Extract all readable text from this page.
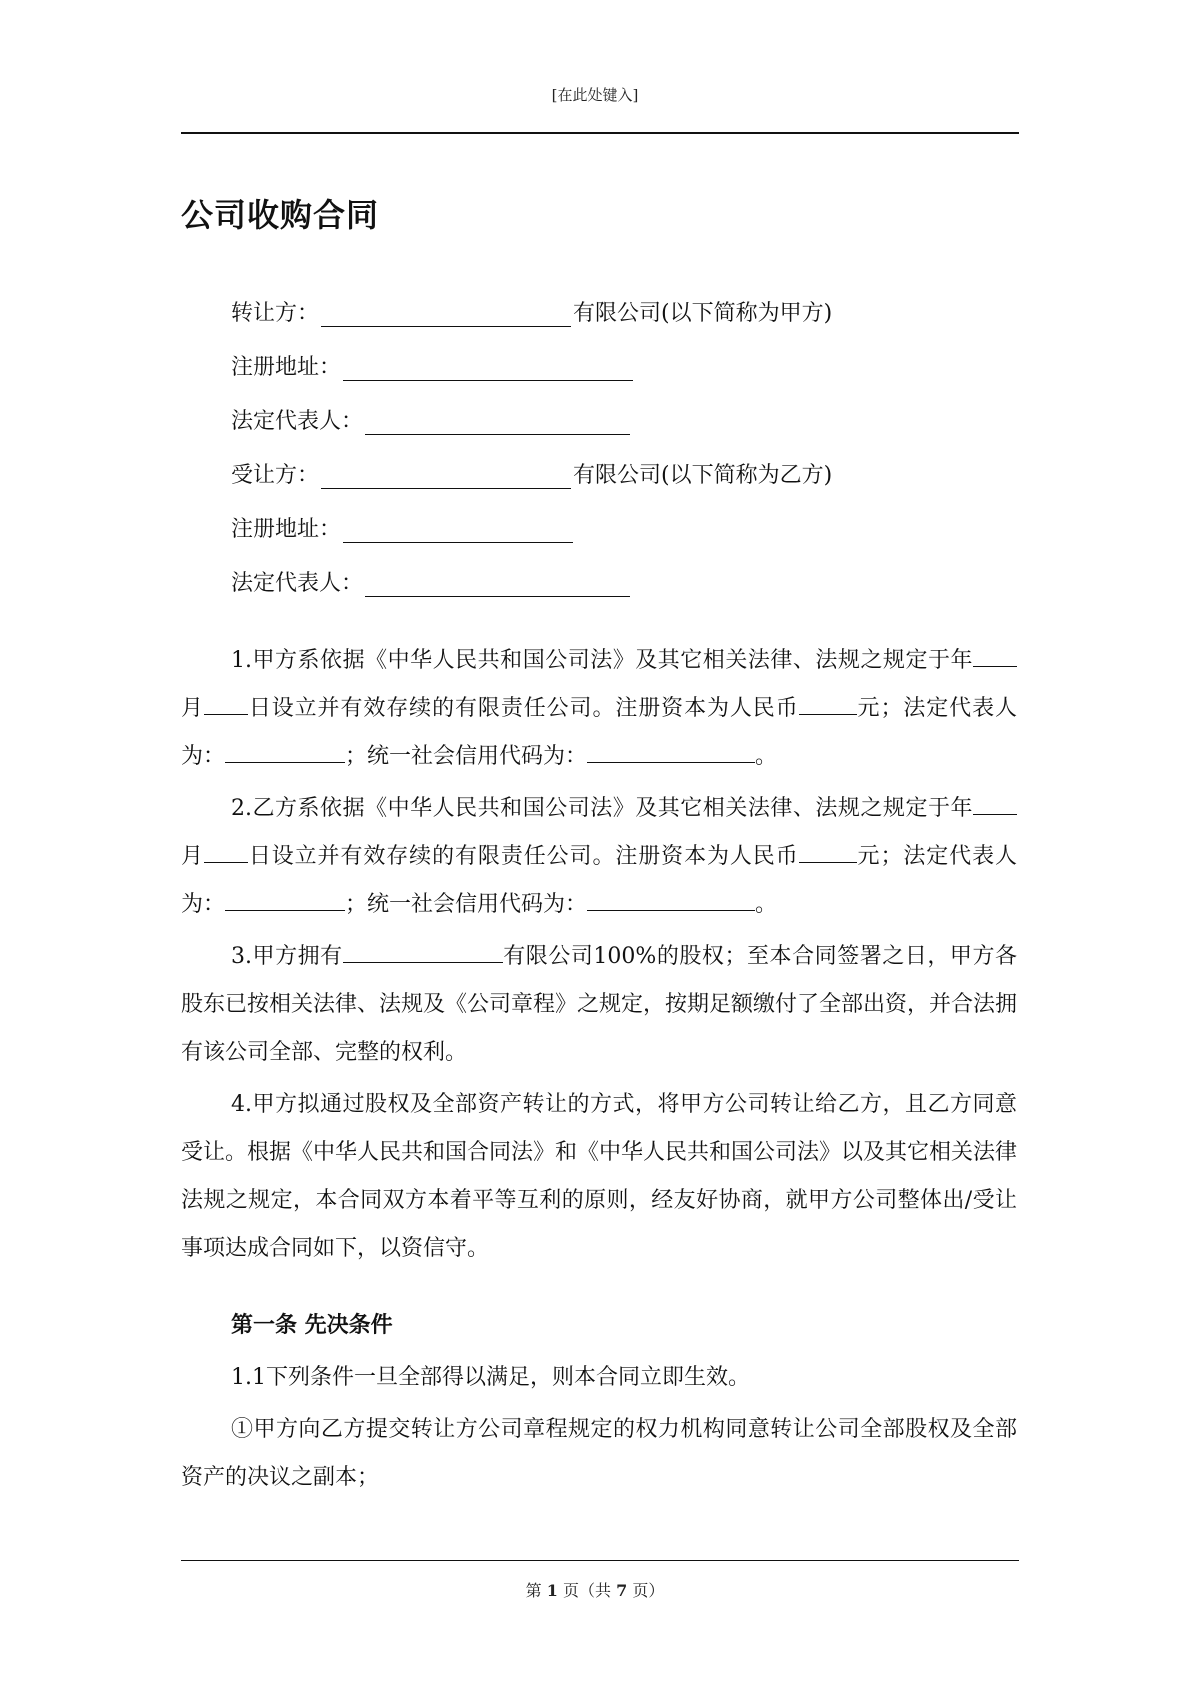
[在此处键入]
公司收购合同
转让方：	有限公司(以下简称为甲方)
注册地址：
法定代表人：
受让方：	有限公司(以下简称为乙方)
注册地址：
法定代表人：
1.甲方系依据《中华人民共和国公司法》及其它相关法律、法规之规定于年月 日设立并有效存续的有限责任公司。注册资本为人民币	元；法定代表人为：	；统一社会信用代码为：	。
2.乙方系依据《中华人民共和国公司法》及其它相关法律、法规之规定于年月 日设立并有效存续的有限责任公司。注册资本为人民币	元；法定代表人为：	；统一社会信用代码为：	。
3.甲方拥有	有限公司100%的股权；至本合同签署之日，甲方各股东已按相关法律、法规及《公司章程》之规定，按期足额缴付了全部出资，并合法拥有该公司全部、完整的权利。
4.甲方拟通过股权及全部资产转让的方式，将甲方公司转让给乙方，且乙方同意受让。根据《中华人民共和国合同法》和《中华人民共和国公司法》以及其它相关法律法规之规定，本合同双方本着平等互利的原则，经友好协商，就甲方公司整体出/受让事项达成合同如下，以资信守。
第一条 先决条件
1.1下列条件一旦全部得以满足，则本合同立即生效。
①甲方向乙方提交转让方公司章程规定的权力机构同意转让公司全部股权及全部资产的决议之副本；
第 1 页（共 7 页）
